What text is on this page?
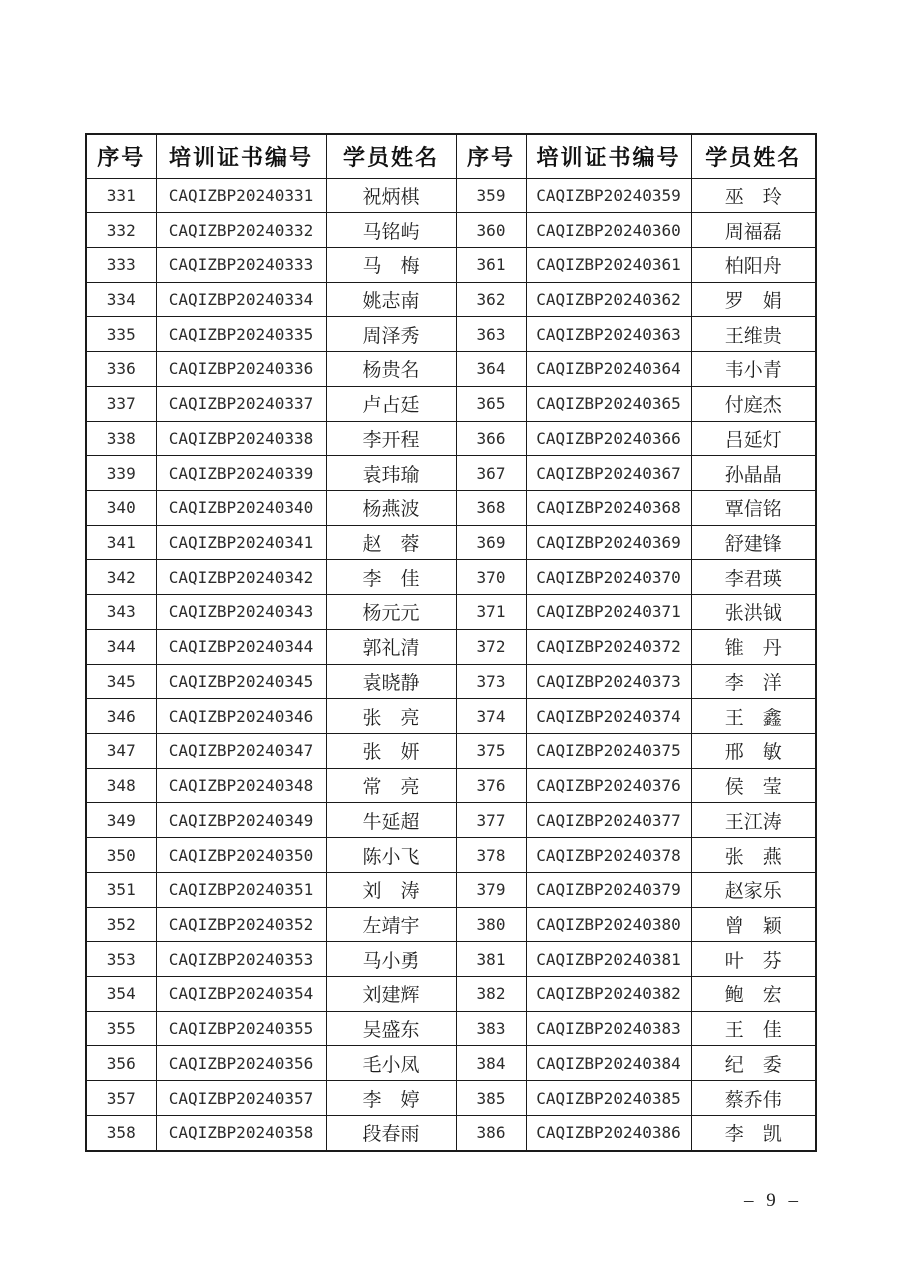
序号	培训证书编号	学员姓名	序号	培训证书编号	学员姓名
331	CAQIZBP20240331	祝炳棋	359	CAQIZBP20240359	巫　玲
332	CAQIZBP20240332	马铭屿	360	CAQIZBP20240360	周福磊
333	CAQIZBP20240333	马　梅	361	CAQIZBP20240361	柏阳舟
334	CAQIZBP20240334	姚志南	362	CAQIZBP20240362	罗　娟
335	CAQIZBP20240335	周泽秀	363	CAQIZBP20240363	王维贵
336	CAQIZBP20240336	杨贵名	364	CAQIZBP20240364	韦小青
337	CAQIZBP20240337	卢占廷	365	CAQIZBP20240365	付庭杰
338	CAQIZBP20240338	李开程	366	CAQIZBP20240366	吕延灯
339	CAQIZBP20240339	袁玮瑜	367	CAQIZBP20240367	孙晶晶
340	CAQIZBP20240340	杨燕波	368	CAQIZBP20240368	覃信铭
341	CAQIZBP20240341	赵　蓉	369	CAQIZBP20240369	舒建锋
342	CAQIZBP20240342	李　佳	370	CAQIZBP20240370	李君瑛
343	CAQIZBP20240343	杨元元	371	CAQIZBP20240371	张洪钺
344	CAQIZBP20240344	郭礼清	372	CAQIZBP20240372	锥　丹
345	CAQIZBP20240345	袁晓静	373	CAQIZBP20240373	李　洋
346	CAQIZBP20240346	张　亮	374	CAQIZBP20240374	王　鑫
347	CAQIZBP20240347	张　妍	375	CAQIZBP20240375	邢　敏
348	CAQIZBP20240348	常　亮	376	CAQIZBP20240376	侯　莹
349	CAQIZBP20240349	牛延超	377	CAQIZBP20240377	王江涛
350	CAQIZBP20240350	陈小飞	378	CAQIZBP20240378	张　燕
351	CAQIZBP20240351	刘　涛	379	CAQIZBP20240379	赵家乐
352	CAQIZBP20240352	左靖宇	380	CAQIZBP20240380	曾　颖
353	CAQIZBP20240353	马小勇	381	CAQIZBP20240381	叶　芬
354	CAQIZBP20240354	刘建辉	382	CAQIZBP20240382	鲍　宏
355	CAQIZBP20240355	吴盛东	383	CAQIZBP20240383	王　佳
356	CAQIZBP20240356	毛小凤	384	CAQIZBP20240384	纪　委
357	CAQIZBP20240357	李　婷	385	CAQIZBP20240385	蔡乔伟
358	CAQIZBP20240358	段春雨	386	CAQIZBP20240386	李　凯
– 9 –
